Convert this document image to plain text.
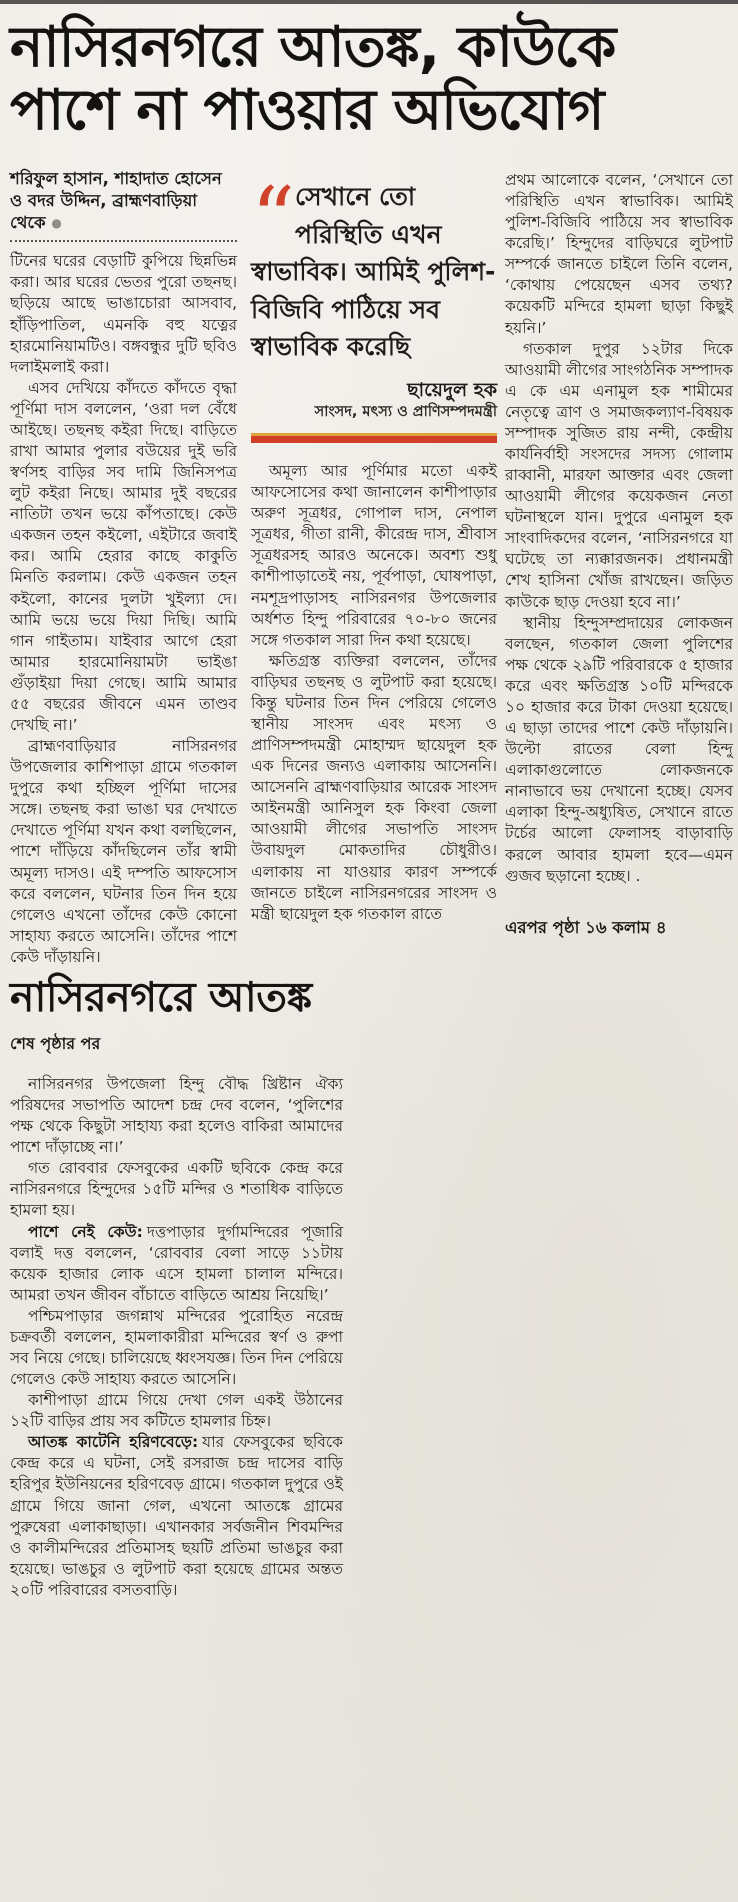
নাসিরনগরে আতঙ্ক, কাউকে
পাশে না পাওয়ার অভিযোগ
শরিফুল হাসান, শাহাদাত হোসেন ও বদর উদ্দিন, ব্রাহ্মণবাড়িয়া থেকে ●

টিনের ঘরের বেড়াটি কুপিয়ে ছিন্নভিন্ন করা। আর ঘরের ভেতর পুরো তছনছ। ছড়িয়ে আছে ভাঙাচোরা আসবাব, হাঁড়িপাতিল, এমনকি বহু যত্নের হারমোনিয়ামটিও। বঙ্গবন্ধুর দুটি ছবিও দলাইমলাই করা।

এসব দেখিয়ে কাঁদতে কাঁদতে বৃদ্ধা পূর্ণিমা দাস বললেন, ‘ওরা দল বেঁধে আইছে। তছনছ কইরা দিছে। বাড়িতে রাখা আমার পুলার বউয়ের দুই ভরি স্বর্ণসহ বাড়ির সব দামি জিনিসপত্র লুট কইরা নিছে। আমার দুই বছরের নাতিটা তখন ভয়ে কাঁপতাছে। কেউ একজন তহন কইলো, এইটারে জবাই কর। আমি হেরার কাছে কাকুতি মিনতি করলাম। কেউ একজন তহন কইলো, কানের দুলটা খুইল্যা দে। আমি ভয়ে ভয়ে দিয়া দিছি। আমি গান গাইতাম। যাইবার আগে হেরা আমার হারমোনিয়ামটা ভাইঙা গুঁড়াইয়া দিয়া গেছে। আমি আমার ৫৫ বছরের জীবনে এমন তাণ্ডব দেখছি না।’

ব্রাহ্মণবাড়িয়ার নাসিরনগর উপজেলার কাশিপাড়া গ্রামে গতকাল দুপুরে কথা হচ্ছিল পূর্ণিমা দাসের সঙ্গে। তছনছ করা ভাঙা ঘর দেখাতে দেখাতে পূর্ণিমা যখন কথা বলছিলেন, পাশে দাঁড়িয়ে কাঁদছিলেন তাঁর স্বামী অমূল্য দাসও। এই দম্পতি আফসোস করে বললেন, ঘটনার তিন দিন হয়ে গেলেও এখনো তাঁদের কেউ কোনো সাহায্য করতে আসেনি। তাঁদের পাশে কেউ দাঁড়ায়নি।

“ সেখানে তো পরিস্থিতি এখন স্বাভাবিক। আমিই পুলিশ-বিজিবি পাঠিয়ে সব স্বাভাবিক করেছি
ছায়েদুল হক
সাংসদ, মৎস্য ও প্রাণিসম্পদমন্ত্রী

অমূল্য আর পূর্ণিমার মতো একই আফসোসের কথা জানালেন কাশীপাড়ার অরুণ সূত্রধর, গোপাল দাস, নেপাল সূত্রধর, গীতা রানী, কীরেন্দ্র দাস, শ্রীবাস সূত্রধরসহ আরও অনেকে। অবশ্য শুধু কাশীপাড়াতেই নয়, পূর্বপাড়া, ঘোষপাড়া, নমশূদ্রপাড়াসহ নাসিরনগর উপজেলার অর্ধশত হিন্দু পরিবারের ৭০-৮০ জনের সঙ্গে গতকাল সারা দিন কথা হয়েছে।

ক্ষতিগ্রস্ত ব্যক্তিরা বললেন, তাঁদের বাড়িঘর তছনছ ও লুটপাট করা হয়েছে। কিন্তু ঘটনার তিন দিন পেরিয়ে গেলেও স্থানীয় সাংসদ এবং মৎস্য ও প্রাণিসম্পদমন্ত্রী মোহাম্মদ ছায়েদুল হক এক দিনের জন্যও এলাকায় আসেননি। আসেননি ব্রাহ্মণবাড়িয়ার আরেক সাংসদ আইনমন্ত্রী আনিসুল হক কিংবা জেলা আওয়ামী লীগের সভাপতি সাংসদ উবায়দুল মোকতাদির চৌধুরীও। এলাকায় না যাওয়ার কারণ সম্পর্কে জানতে চাইলে নাসিরনগরের সাংসদ ও মন্ত্রী ছায়েদুল হক গতকাল রাতে

প্রথম আলোকে বলেন, ‘সেখানে তো পরিস্থিতি এখন স্বাভাবিক। আমিই পুলিশ-বিজিবি পাঠিয়ে সব স্বাভাবিক করেছি।’ হিন্দুদের বাড়িঘরে লুটপাট সম্পর্কে জানতে চাইলে তিনি বলেন, ‘কোথায় পেয়েছেন এসব তথ্য? কয়েকটি মন্দিরে হামলা ছাড়া কিছুই হয়নি।’

গতকাল দুপুর ১২টার দিকে আওয়ামী লীগের সাংগঠনিক সম্পাদক এ কে এম এনামুল হক শামীমের নেতৃত্বে ত্রাণ ও সমাজকল্যাণ-বিষয়ক সম্পাদক সুজিত রায় নন্দী, কেন্দ্রীয় কার্যনির্বাহী সংসদের সদস্য গোলাম রাব্বানী, মারফা আক্তার এবং জেলা আওয়ামী লীগের কয়েকজন নেতা ঘটনাস্থলে যান। দুপুরে এনামুল হক সাংবাদিকদের বলেন, ‘নাসিরনগরে যা ঘটেছে তা ন্যক্কারজনক। প্রধানমন্ত্রী শেখ হাসিনা খোঁজ রাখছেন। জড়িত কাউকে ছাড় দেওয়া হবে না।’

স্থানীয় হিন্দুসম্প্রদায়ের লোকজন বলছেন, গতকাল জেলা পুলিশের পক্ষ থেকে ২৯টি পরিবারকে ৫ হাজার করে এবং ক্ষতিগ্রস্ত ১০টি মন্দিরকে ১০ হাজার করে টাকা দেওয়া হয়েছে। এ ছাড়া তাদের পাশে কেউ দাঁড়ায়নি। উল্টো রাতের বেলা হিন্দু এলাকাগুলোতে লোকজনকে নানাভাবে ভয় দেখানো হচ্ছে। যেসব এলাকা হিন্দু-অধ্যুষিত, সেখানে রাতে টর্চের আলো ফেলাসহ বাড়াবাড়ি করলে আবার হামলা হবে—এমন গুজব ছড়ানো হচ্ছে। .

এরপর পৃষ্ঠা ১৬ কলাম ৪
নাসিরনগরে আতঙ্ক
শেষ পৃষ্ঠার পর

নাসিরনগর উপজেলা হিন্দু বৌদ্ধ খ্রিষ্টান ঐক্য পরিষদের সভাপতি আদেশ চন্দ্র দেব বলেন, ‘পুলিশের পক্ষ থেকে কিছুটা সাহায্য করা হলেও বাকিরা আমাদের পাশে দাঁড়াচ্ছে না।’

গত রোববার ফেসবুকের একটি ছবিকে কেন্দ্র করে নাসিরনগরে হিন্দুদের ১৫টি মন্দির ও শতাধিক বাড়িতে হামলা হয়।

পাশে নেই কেউ: দত্তপাড়ার দুর্গামন্দিরের পূজারি বলাই দত্ত বললেন, ‘রোববার বেলা সাড়ে ১১টায় কয়েক হাজার লোক এসে হামলা চালাল মন্দিরে। আমরা তখন জীবন বাঁচাতে বাড়িতে আশ্রয় নিয়েছি।’

পশ্চিমপাড়ার জগন্নাথ মন্দিরের পুরোহিত নরেন্দ্র চক্রবর্তী বললেন, হামলাকারীরা মন্দিরের স্বর্ণ ও রুপা সব নিয়ে গেছে। চালিয়েছে ধ্বংসযজ্ঞ। তিন দিন পেরিয়ে গেলেও কেউ সাহায্য করতে আসেনি।

কাশীপাড়া গ্রামে গিয়ে দেখা গেল একই উঠানের ১২টি বাড়ির প্রায় সব কটিতে হামলার চিহ্ন।

আতঙ্ক কাটেনি হরিণবেড়ে: যার ফেসবুকের ছবিকে কেন্দ্র করে এ ঘটনা, সেই রসরাজ চন্দ্র দাসের বাড়ি হরিপুর ইউনিয়নের হরিণবেড় গ্রামে। গতকাল দুপুরে ওই গ্রামে গিয়ে জানা গেল, এখনো আতঙ্কে গ্রামের পুরুষেরা এলাকাছাড়া। এখানকার সর্বজনীন শিবমন্দির ও কালীমন্দিরের প্রতিমাসহ ছয়টি প্রতিমা ভাঙচুর করা হয়েছে। ভাঙচুর ও লুটপাট করা হয়েছে গ্রামের অন্তত ২০টি পরিবারের বসতবাড়ি।
